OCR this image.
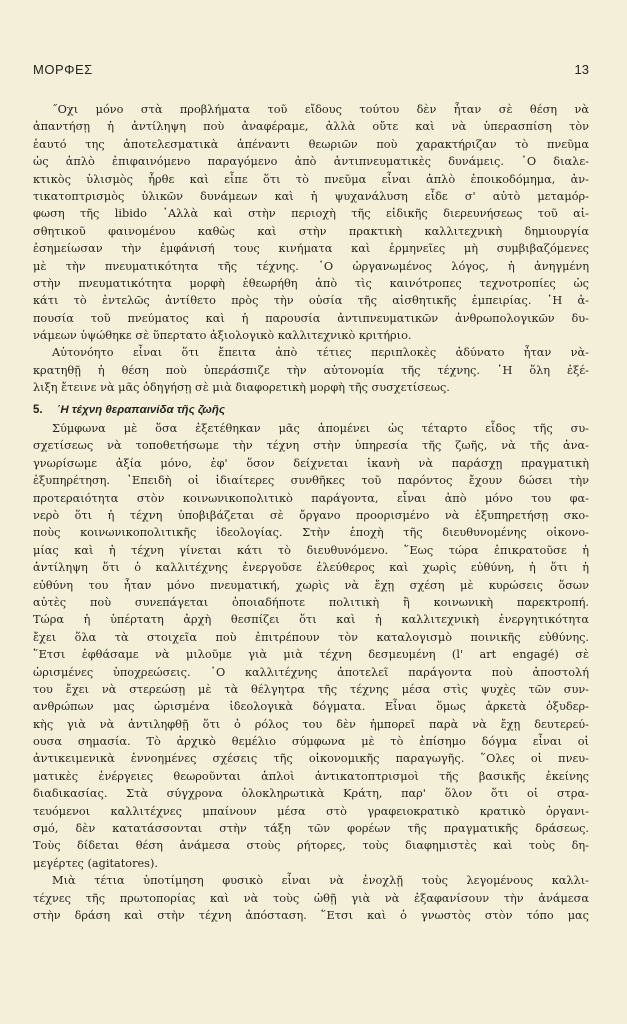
ΜΟΡΦΕΣ	13
˝Οχι μόνο στὰ προβλήματα τοῦ εἴδους τούτου δὲν ἦταν σὲ θέση νὰ
ἀπαντήσῃ ἡ ἀντίληψη ποὺ ἀναφέραμε, ἀλλὰ οὔτε καὶ νὰ ὑπερασπίση τὸν
ἑαυτό της ἀποτελεσματικὰ ἀπέναντι θεωριῶν ποὺ χαρακτήριζαν τὸ πνεῦμα
ὡς ἁπλὸ ἐπιφαινόμενο παραγόμενο ἀπὸ ἀντιπνευματικὲς δυνάμεις. ῾Ο διαλε-
κτικὸς ὑλισμὸς ἦρθε καὶ εἶπε ὅτι τὸ πνεῦμα εἶναι ἁπλὸ ἐποικοδόμημα, ἀν-
τικατοπτρισμὸς ὑλικῶν δυνάμεων καὶ ἡ ψυχανάλυση εἶδε σ' αὐτὸ μεταμόρ-
φωση τῆς libido ᾿Αλλὰ καὶ στὴν περιοχὴ τῆς εἰδικῆς διερευνήσεως τοῦ αἰ-
σθητικοῦ φαινομένου καθὼς καὶ στὴν πρακτικὴ καλλιτεχνικὴ δημιουργία
ἐσημείωσαν τὴν ἐμφάνισή τους κινήματα καὶ ἑρμηνεῖες μὴ συμβιβαζόμενες
μὲ τὴν πνευματικότητα τῆς τέχνης. ῾Ο ὡργανωμένος λόγος, ἡ ἀνηγμένη
στὴν πνευματικότητα μορφὴ ἐθεωρήθη ἀπὸ τὶς καινότροπες τεχνοτροπίες ὡς
κάτι τὸ ἐντελῶς ἀντίθετο πρὸς τὴν οὐσία τῆς αἰσθητικῆς ἐμπειρίας. ῾Η ἀ-
πουσία τοῦ πνεύματος καὶ ἡ παρουσία ἀντιπνευματικῶν ἀνθρωπολογικῶν δυ-
νάμεων ὑψώθηκε σὲ ὕπερτατο ἀξιολογικὸ καλλιτεχνικὸ κριτήριο.
Αὐτονόητο εἶναι ὅτι ἔπειτα ἀπὸ τέτιες περιπλοκὲς ἀδύνατο ἦταν νὰ-
κρατηθῇ ἡ θέση ποὺ ὑπεράσπιζε τὴν αὐτονομία τῆς τέχνης. ῾Η ὅλη ἐξέ-
λιξη ἔτεινε νὰ μᾶς ὁδηγήσῃ σὲ μιὰ διαφορετικὴ μορφὴ τῆς συσχετίσεως.
5. ῾Η τέχνη θεραπαινίδα τῆς ζωῆς
Σύμφωνα μὲ ὅσα ἐξετέθηκαν μᾶς ἀπομένει ὡς τέταρτο εἶδος τῆς συ-
σχετίσεως νὰ τοποθετήσωμε τὴν τέχνη στὴν ὑπηρεσία τῆς ζωῆς, νὰ τῆς ἀνα-
γνωρίσωμε ἀξία μόνο, ἐφ' ὅσον δείχνεται ἱκανὴ νὰ παράσχῃ πραγματικὴ
ἐξυπηρέτηση. ᾿Επειδὴ οἱ ἰδιαίτερες συνθῆκες τοῦ παρόντος ἔχουν δώσει τὴν
προτεραιότητα στὸν κοινωνικοπολιτικὸ παράγοντα, εἶναι ἀπὸ μόνο του φα-
νερὸ ὅτι ἡ τέχνη ὑποβιβάζεται σὲ ὄργανο προορισμένο νὰ ἐξυπηρετήσῃ σκο-
ποὺς κοινωνικοπολιτικῆς ἰδεολογίας. Στὴν ἐποχὴ τῆς διευθυνομένης οἰκονο-
μίας καὶ ἡ τέχνη γίνεται κάτι τὸ διευθυνόμενο. ῞Εως τώρα ἐπικρατοῦσε ἡ
ἀντίληψη ὅτι ὁ καλλιτέχνης ἐνεργοῦσε ἐλεύθερος καὶ χωρὶς εὐθύνη, ἡ ὅτι ἡ
εὐθύνη του ἦταν μόνο πνευματική, χωρὶς νὰ ἔχῃ σχέση μὲ κυρώσεις ὅσων
αὐτὲς ποὺ συνεπάγεται ὁποιαδήποτε πολιτικὴ ἢ κοινωνικὴ παρεκτροπή.
Τώρα ἡ ὑπέρτατη ἀρχὴ θεσπίζει ὅτι καὶ ἡ καλλιτεχνικὴ ἐνεργητικότητα
ἔχει ὅλα τὰ στοιχεῖα ποὺ ἐπιτρέπουν τὸν καταλογισμὸ ποινικῆς εὐθύνης.
῞Ετσι ἐφθάσαμε νὰ μιλοῦμε γιὰ μιὰ τέχνη δεσμευμένη (l' art engagé) σὲ
ὡρισμένες ὑποχρεώσεις. ῾Ο καλλιτέχνης ἀποτελεῖ παράγοντα ποὺ ἀποστολή
του ἔχει νὰ στερεώσῃ μὲ τὰ θέλγητρα τῆς τέχνης μέσα στὶς ψυχὲς τῶν συν-
ανθρώπων μας ὡρισμένα ἰδεολογικὰ δόγματα. Εἶναι ὅμως ἀρκετὰ ὀξυδερ-
κὴς γιὰ νὰ ἀντιληφθῇ ὅτι ὁ ρόλος του δὲν ἠμπορεῖ παρὰ νὰ ἔχῃ δευτερεύ-
ουσα σημασία. Τὸ ἀρχικὸ θεμέλιο σύμφωνα μὲ τὸ ἐπίσημο δόγμα εἶναι οἱ
ἀντικειμενικὰ ἐννοημένες σχέσεις τῆς οἰκονομικῆς παραγωγῆς. ῞Ολες οἱ πνευ-
ματικὲς ἐνέργειες θεωροῦνται ἁπλοὶ ἀντικατοπτρισμοὶ τῆς βασικῆς ἐκείνης
διαδικασίας. Στὰ σύγχρονα ὁλοκληρωτικὰ Κράτη, παρ' ὅλον ὅτι οἱ στρα-
τευόμενοι καλλιτέχνες μπαίνουν μέσα στὸ γραφειοκρατικὸ κρατικὸ ὀργανι-
σμό, δὲν κατατάσσονται στὴν τάξη τῶν φορέων τῆς πραγματικῆς δράσεως.
Τοὺς δίδεται θέση ἀνάμεσα στοὺς ρήτορες, τοὺς διαφημιστὲς καὶ τοὺς δη-
μεγέρτες (agitatores).
Μιὰ τέτια ὑποτίμηση φυσικὸ εἶναι νὰ ἐνοχλῇ τοὺς λεγομένους καλλι-
τέχνες τῆς πρωτοπορίας καὶ νὰ τοὺς ὠθῇ γιὰ νὰ ἐξαφανίσουν τὴν ἀνάμεσα
στὴν δράση καὶ στὴν τέχνη ἀπόσταση. ῞Ετσι καὶ ὁ γνωστὸς στὸν τόπο μας
